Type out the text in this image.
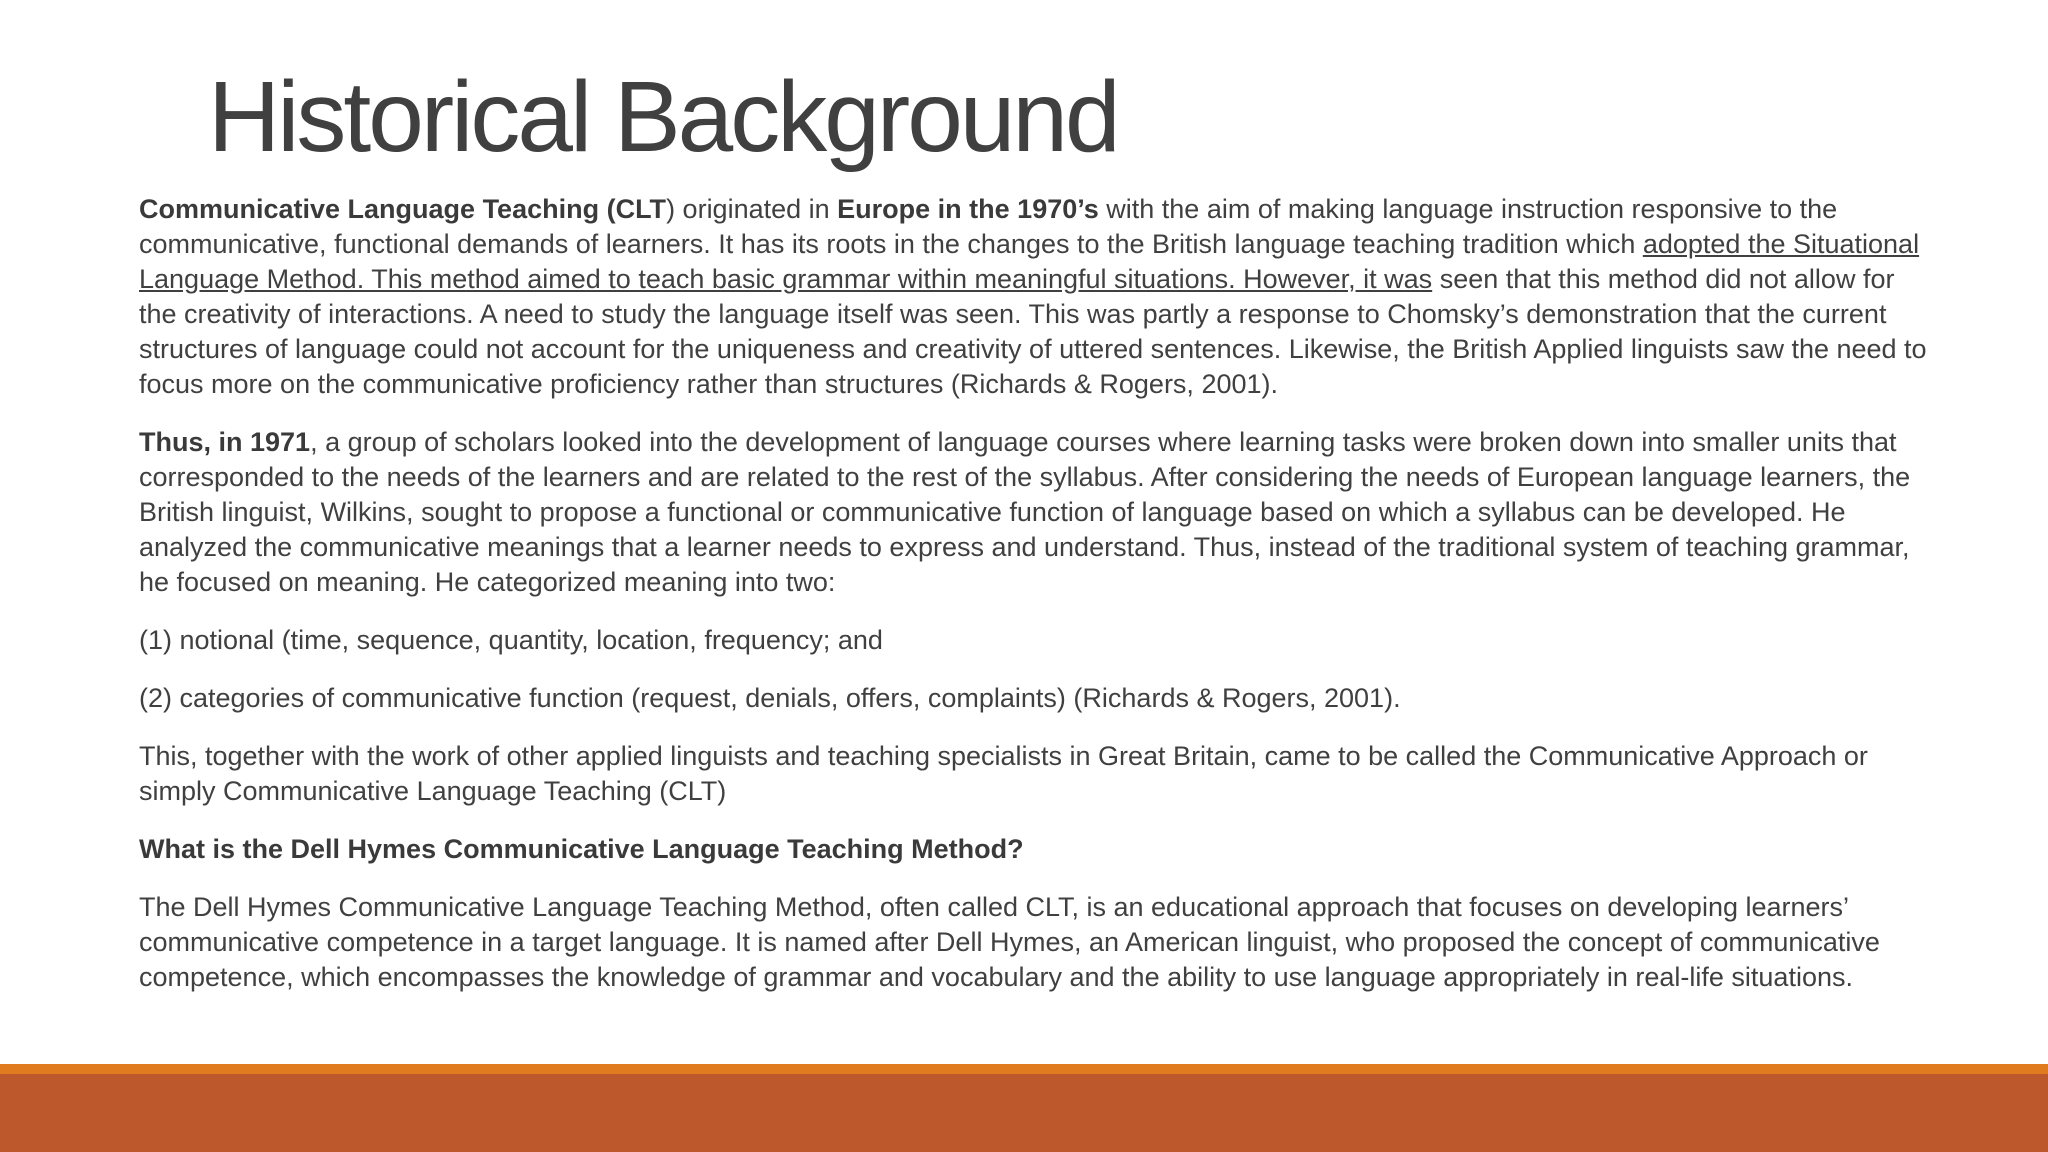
Historical Background

Communicative Language Teaching (CLT) originated in Europe in the 1970’s with the aim of making language instruction responsive to the communicative, functional demands of learners. It has its roots in the changes to the British language teaching tradition which adopted the Situational Language Method. This method aimed to teach basic grammar within meaningful situations. However, it was seen that this method did not allow for the creativity of interactions. A need to study the language itself was seen. This was partly a response to Chomsky’s demonstration that the current structures of language could not account for the uniqueness and creativity of uttered sentences. Likewise, the British Applied linguists saw the need to focus more on the communicative proficiency rather than structures (Richards & Rogers, 2001).

Thus, in 1971, a group of scholars looked into the development of language courses where learning tasks were broken down into smaller units that corresponded to the needs of the learners and are related to the rest of the syllabus. After considering the needs of European language learners, the British linguist, Wilkins, sought to propose a functional or communicative function of language based on which a syllabus can be developed. He analyzed the communicative meanings that a learner needs to express and understand. Thus, instead of the traditional system of teaching grammar, he focused on meaning. He categorized meaning into two:

(1) notional (time, sequence, quantity, location, frequency; and

(2) categories of communicative function (request, denials, offers, complaints) (Richards & Rogers, 2001).

This, together with the work of other applied linguists and teaching specialists in Great Britain, came to be called the Communicative Approach or simply Communicative Language Teaching (CLT)

What is the Dell Hymes Communicative Language Teaching Method?

The Dell Hymes Communicative Language Teaching Method, often called CLT, is an educational approach that focuses on developing learners’ communicative competence in a target language. It is named after Dell Hymes, an American linguist, who proposed the concept of communicative competence, which encompasses the knowledge of grammar and vocabulary and the ability to use language appropriately in real-life situations.
